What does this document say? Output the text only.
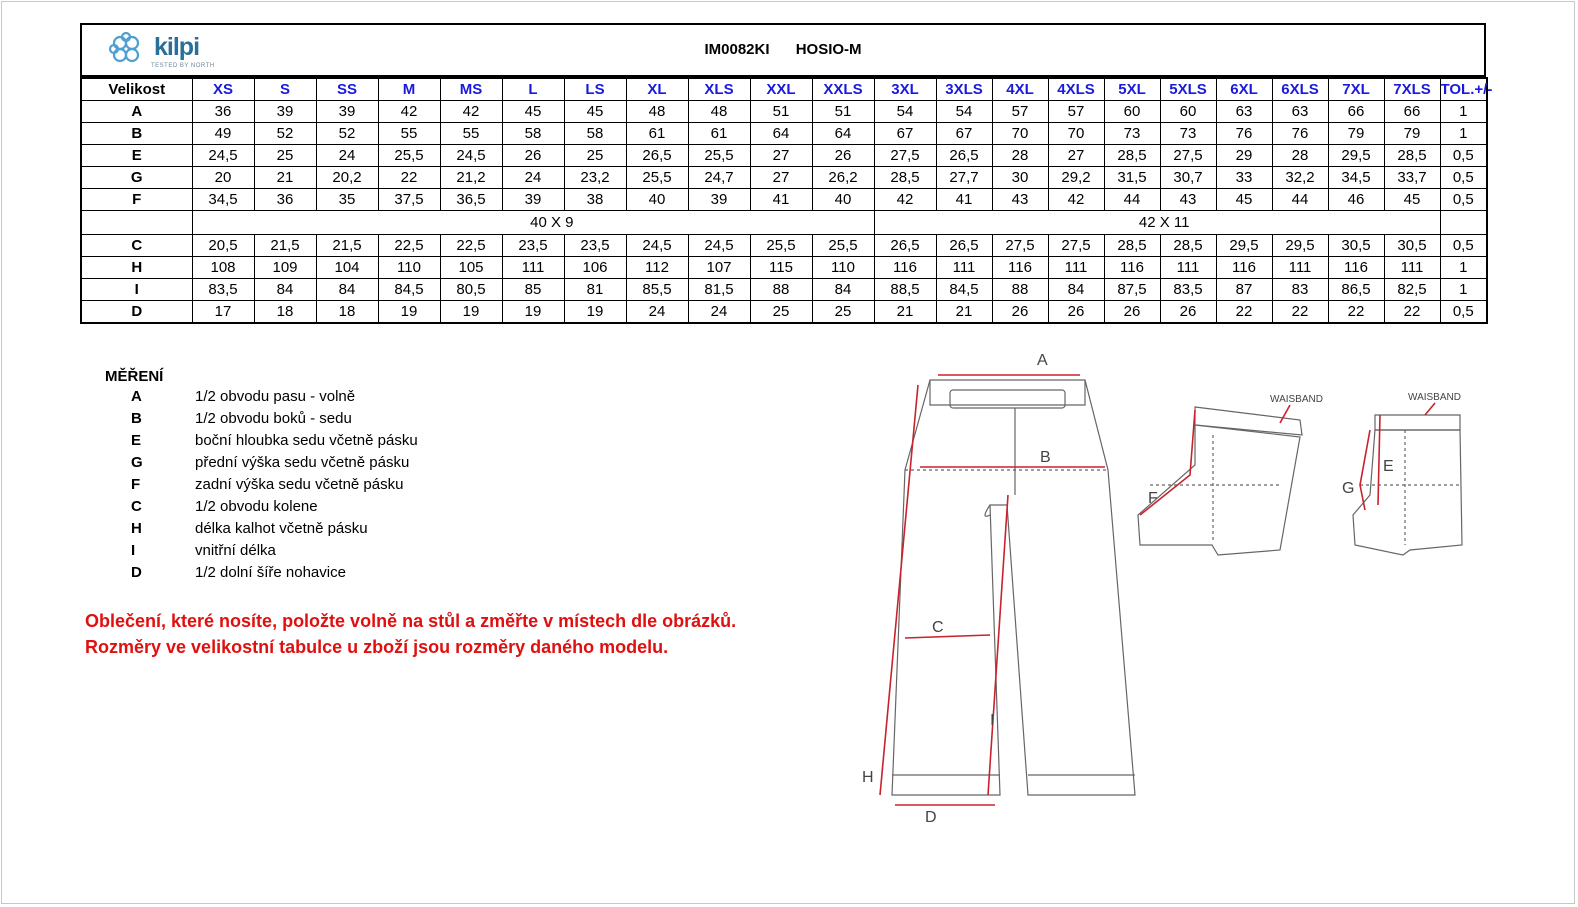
kilpi
TESTED BY NORTH
IM0082KI HOSIO-M
Velikost	XS	S	SS	M	MS	L	LS	XL	XLS	XXL	XXLS	3XL	3XLS	4XL	4XLS	5XL	5XLS	6XL	6XLS	7XL	7XLS	TOL.+/-
A	36	39	39	42	42	45	45	48	48	51	51	54	54	57	57	60	60	63	63	66	66	1
B	49	52	52	55	55	58	58	61	61	64	64	67	67	70	70	73	73	76	76	79	79	1
E	24,5	25	24	25,5	24,5	26	25	26,5	25,5	27	26	27,5	26,5	28	27	28,5	27,5	29	28	29,5	28,5	0,5
G	20	21	20,2	22	21,2	24	23,2	25,5	24,7	27	26,2	28,5	27,7	30	29,2	31,5	30,7	33	32,2	34,5	33,7	0,5
F	34,5	36	35	37,5	36,5	39	38	40	39	41	40	42	41	43	42	44	43	45	44	46	45	0,5
	40 X 9											42 X 11										
C	20,5	21,5	21,5	22,5	22,5	23,5	23,5	24,5	24,5	25,5	25,5	26,5	26,5	27,5	27,5	28,5	28,5	29,5	29,5	30,5	30,5	0,5
H	108	109	104	110	105	111	106	112	107	115	110	116	111	116	111	116	111	116	111	116	111	1
I	83,5	84	84	84,5	80,5	85	81	85,5	81,5	88	84	88,5	84,5	88	84	87,5	83,5	87	83	86,5	82,5	1
D	17	18	18	19	19	19	19	24	24	25	25	21	21	26	26	26	26	22	22	22	22	0,5
MĚŘENÍ
A	1/2 obvodu pasu - volně
B	1/2 obvodu boků - sedu
E	boční hloubka sedu včetně pásku
G	přední výška sedu včetně pásku
F	zadní výška sedu včetně pásku
C	1/2 obvodu kolene
H	délka kalhot včetně pásku
I	vnitřní délka
D	1/2 dolní šíře nohavice
Oblečení, které nosíte, položte volně na stůl a změřte v místech dle obrázků.
Rozměry ve velikostní tabulce u zboží jsou rozměry daného modelu.
A
B
C
D
H
I
F
E
G
WAISBAND	WAISBAND
